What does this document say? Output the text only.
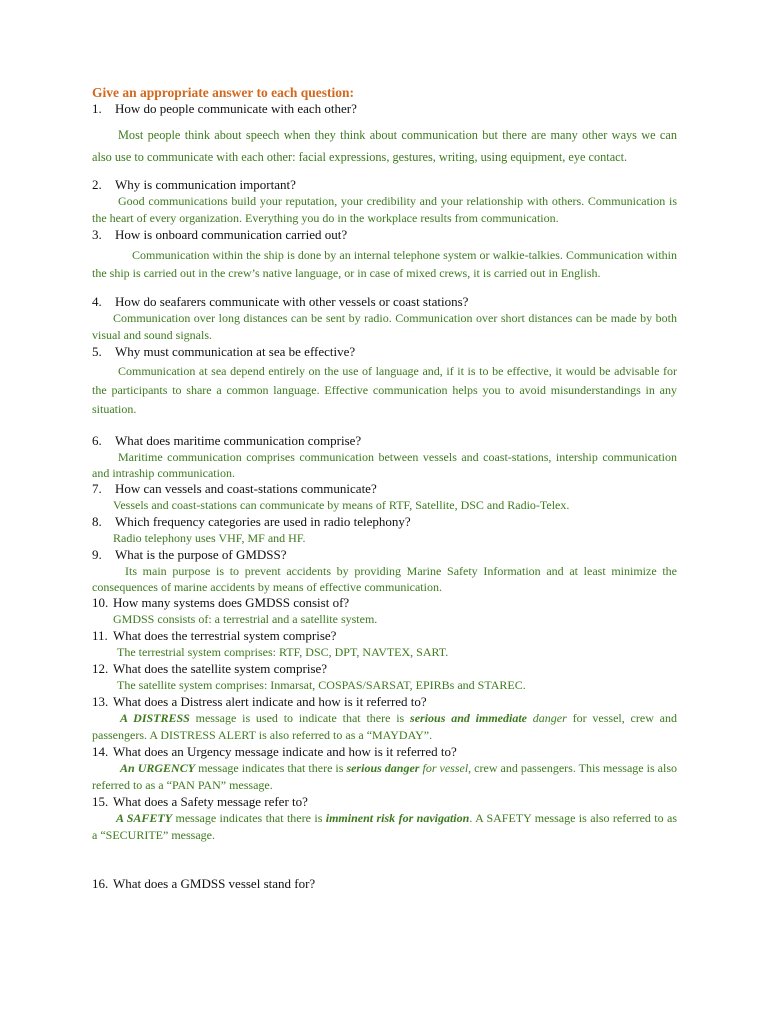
Give an appropriate answer to each question:

1. How do people communicate with each other?

Most people think about speech when they think about communication but there are many other ways we can also use to communicate with each other: facial expressions, gestures, writing, using equipment, eye contact.

2. Why is communication important?

Good communications build your reputation, your credibility and your relationship with others. Communication is the heart of every organization. Everything you do in the workplace results from communication.

3. How is onboard communication carried out?

Communication within the ship is done by an internal telephone system or walkie-talkies. Communication within the ship is carried out in the crew’s native language, or in case of mixed crews, it is carried out in English.

4. How do seafarers communicate with other vessels or coast stations?

Communication over long distances can be sent by radio. Communication over short distances can be made by both visual and sound signals.

5. Why must communication at sea be effective?

Communication at sea depend entirely on the use of language and, if it is to be effective, it would be advisable for the participants to share a common language. Effective communication helps you to avoid misunderstandings in any situation.

6. What does maritime communication comprise?

Maritime communication comprises communication between vessels and coast-stations, intership communication and intraship communication.

7. How can vessels and coast-stations communicate?

Vessels and coast-stations can communicate by means of RTF, Satellite, DSC and Radio-Telex.

8. Which frequency categories are used in radio telephony?

Radio telephony uses VHF, MF and HF.

9. What is the purpose of GMDSS?

Its main purpose is to prevent accidents by providing Marine Safety Information and at least minimize the consequences of marine accidents by means of effective communication.

10. How many systems does GMDSS consist of?

GMDSS consists of: a terrestrial and a satellite system.

11. What does the terrestrial system comprise?

The terrestrial system comprises: RTF, DSC, DPT, NAVTEX, SART.

12. What does the satellite system comprise?

The satellite system comprises: Inmarsat, COSPAS/SARSAT, EPIRBs and STAREC.

13. What does a Distress alert indicate and how is it referred to?

A DISTRESS message is used to indicate that there is serious and immediate danger for vessel, crew and passengers. A DISTRESS ALERT is also referred to as a “MAYDAY”.

14. What does an Urgency message indicate and how is it referred to?

An URGENCY message indicates that there is serious danger for vessel, crew and passengers. This message is also referred to as a “PAN PAN” message.

15. What does a Safety message refer to?

A SAFETY message indicates that there is imminent risk for navigation. A SAFETY message is also referred to as a “SECURITE” message.

16. What does a GMDSS vessel stand for?
